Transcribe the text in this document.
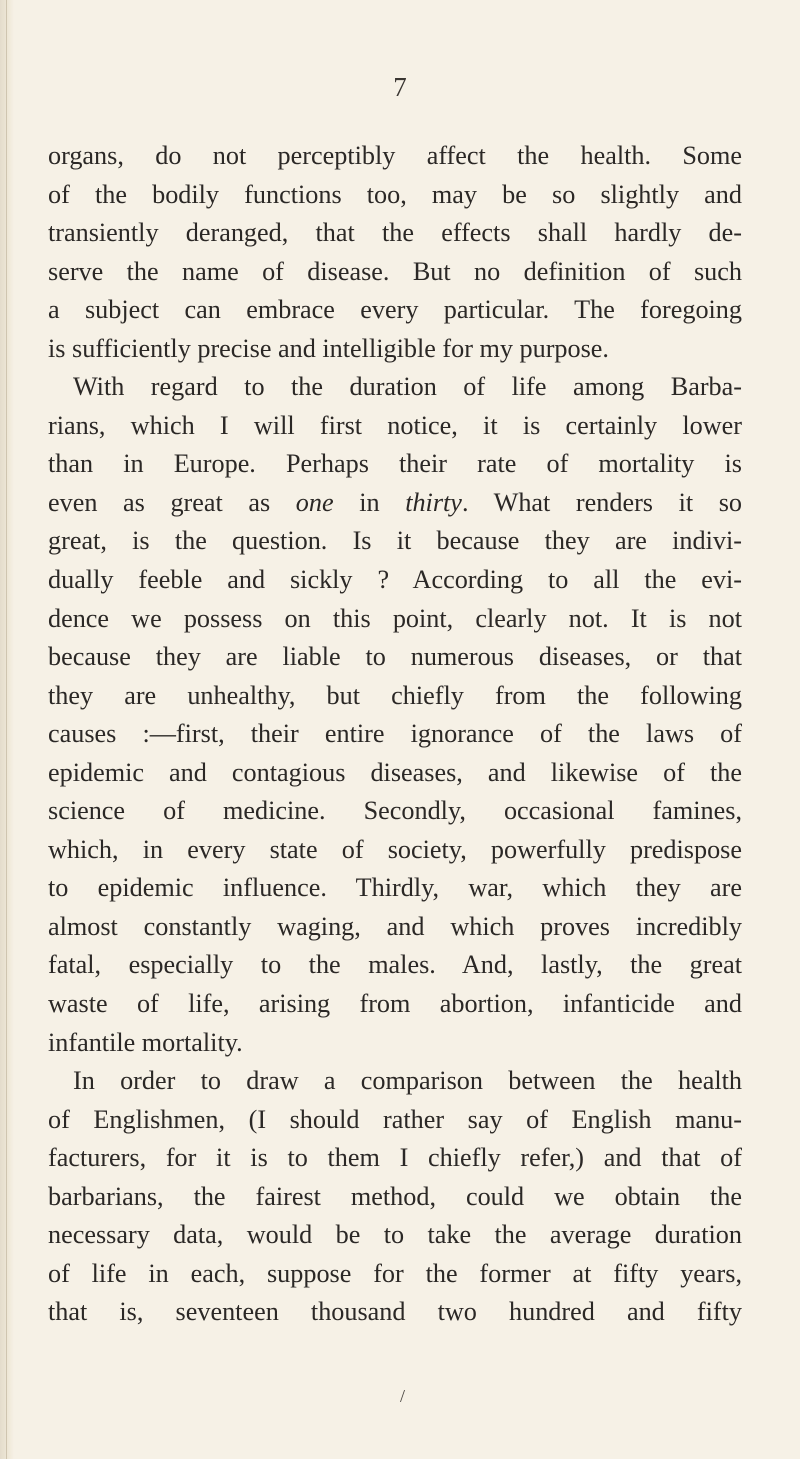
7
organs, do not perceptibly affect the health. Some
of the bodily functions too, may be so slightly and
transiently deranged, that the effects shall hardly de-
serve the name of disease. But no definition of such
a subject can embrace every particular. The foregoing
is sufficiently precise and intelligible for my purpose.
With regard to the duration of life among Barba-
rians, which I will first notice, it is certainly lower
than in Europe. Perhaps their rate of mortality is
even as great as one in thirty. What renders it so
great, is the question. Is it because they are indivi-
dually feeble and sickly ? According to all the evi-
dence we possess on this point, clearly not. It is not
because they are liable to numerous diseases, or that
they are unhealthy, but chiefly from the following
causes :—first, their entire ignorance of the laws of
epidemic and contagious diseases, and likewise of the
science of medicine. Secondly, occasional famines,
which, in every state of society, powerfully predispose
to epidemic influence. Thirdly, war, which they are
almost constantly waging, and which proves incredibly
fatal, especially to the males. And, lastly, the great
waste of life, arising from abortion, infanticide and
infantile mortality.
In order to draw a comparison between the health
of Englishmen, (I should rather say of English manu-
facturers, for it is to them I chiefly refer,) and that of
barbarians, the fairest method, could we obtain the
necessary data, would be to take the average duration
of life in each, suppose for the former at fifty years,
that is, seventeen thousand two hundred and fifty
/
